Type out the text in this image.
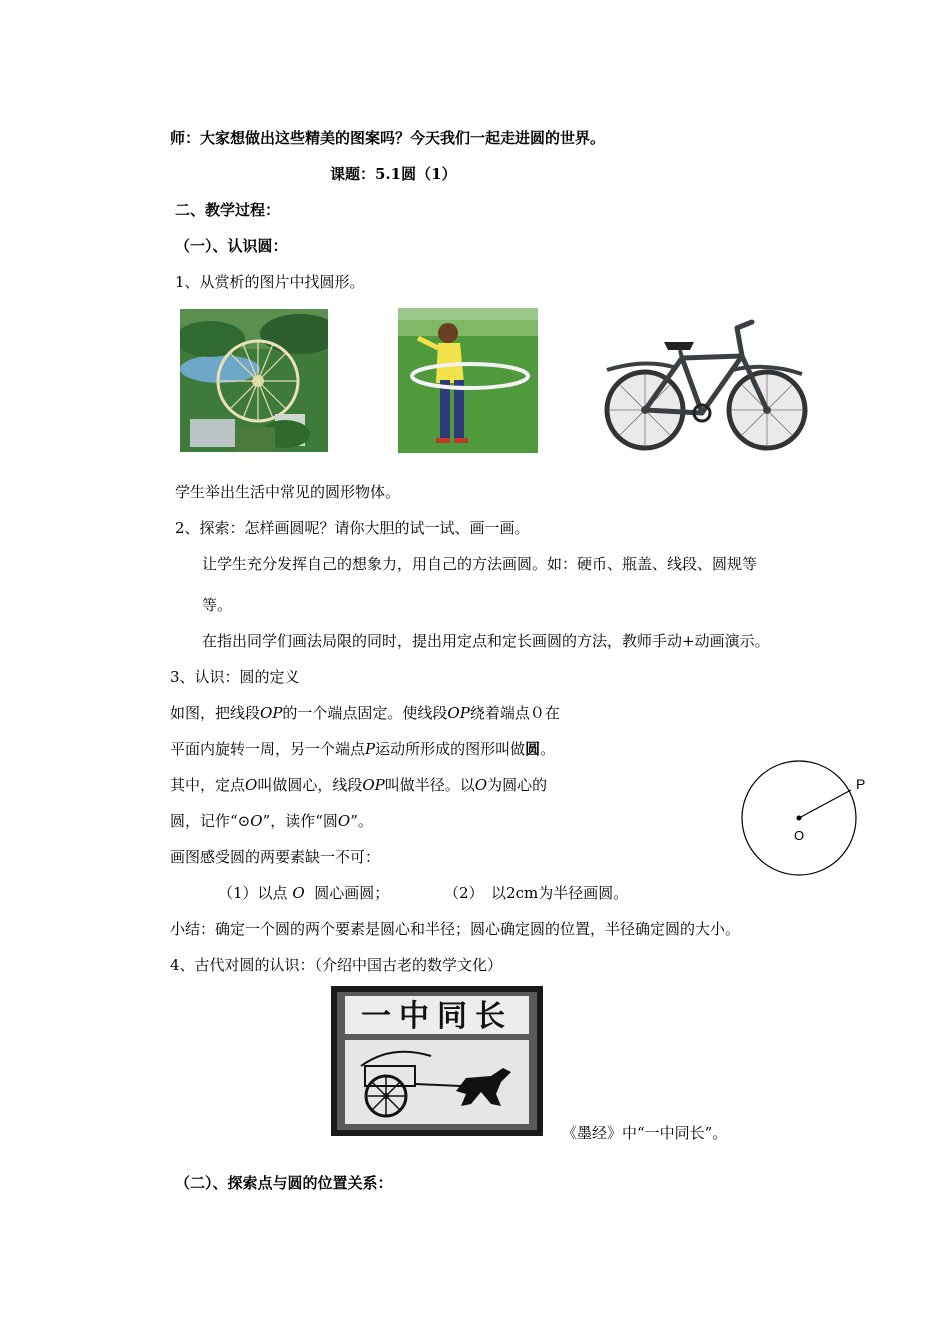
师：大家想做出这些精美的图案吗？今天我们一起走进圆的世界。
课题：5.1圆（1）
二、教学过程：
（一）、认识圆：
1、从赏析的图片中找圆形。
学生举出生活中常见的圆形物体。
2、探索：怎样画圆呢？请你大胆的试一试、画一画。
让学生充分发挥自己的想象力，用自己的方法画圆。如：硬币、瓶盖、线段、圆规等
等。
在指出同学们画法局限的同时，提出用定点和定长画圆的方法，教师手动+动画演示。
3、认识：圆的定义
如图，把线段OP的一个端点固定。使线段OP绕着端点０在
平面内旋转一周，另一个端点P运动所形成的图形叫做圆。
其中，定点O叫做圆心，线段OP叫做半径。以O为圆心的
圆，记作“⊙O”，读作“圆O”。
P
O
画图感受圆的两要素缺一不可：
（1）以点 O 圆心画圆；	（2）　以2cm为半径画圆。
小结：确定一个圆的两个要素是圆心和半径；圆心确定圆的位置，半径确定圆的大小。
4、古代对圆的认识：（介绍中国古老的数学文化）
一中同长
《墨经》中“一中同长”。
（二）、探索点与圆的位置关系：
